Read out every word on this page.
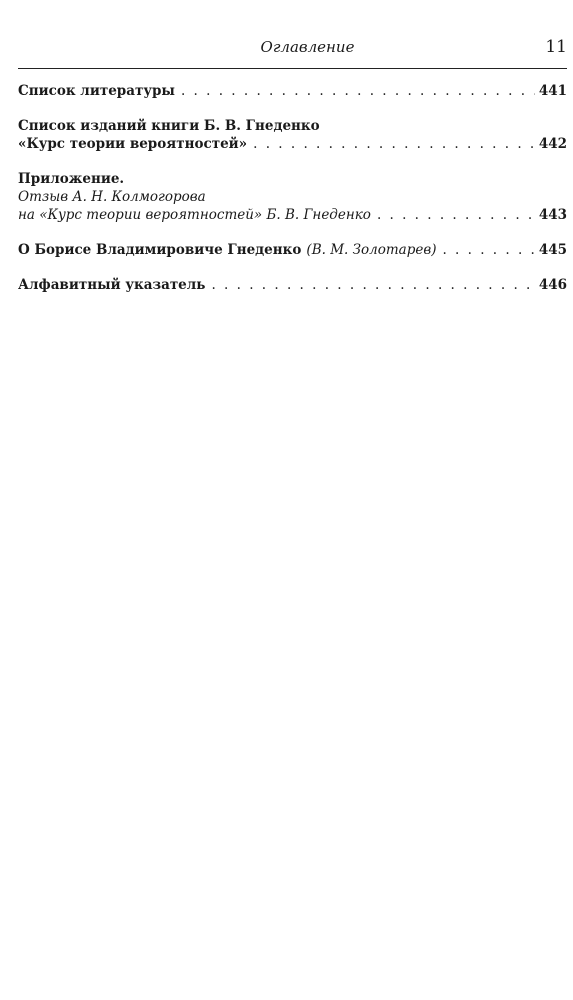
Оглавление	11
Список литературы . . .	441
Список изданий книги Б. В. Гнеденко
«Курс теории вероятностей» . . .	442
Приложение.
Отзыв А. Н. Колмогорова
на «Курс теории вероятностей» Б. В. Гнеденко . . .	443
О Борисе Владимировиче Гнеденко (В. М. Золотарев) . . .	445
Алфавитный указатель . . .	446
